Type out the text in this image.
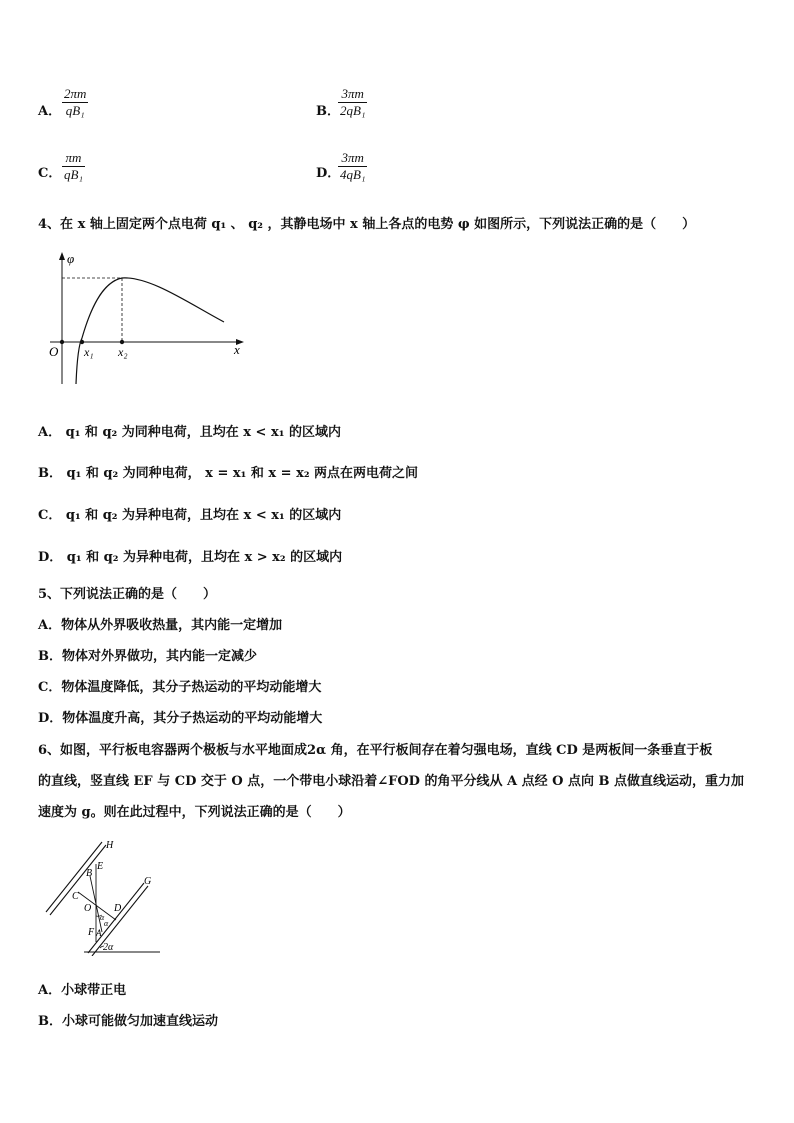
A． $\frac{2\pi m}{\text{qB₁}}$	B．
$\frac{3\pi m}{\text{2qB₁}}$
C． $\frac{\pi m}{\text{qB₁}}$	D．
$\frac{3\pi m}{\text{4qB₁}}$
4、在 x 轴上固定两个点电荷 q₁ 、 q₂ ，其静电场中 x 轴上各点的电势 φ 如图所示，下列说法正确的是（　　）
φ
x
O x₁ x₂
A． q₁ 和 q₂ 为同种电荷，且均在 x < x₁ 的区域内
B． q₁ 和 q₂ 为同种电荷， x = x₁ 和 x = x₂ 两点在两电荷之间
C． q₁ 和 q₂ 为异种电荷，且均在 x < x₁ 的区域内
D． q₁ 和 q₂ 为异种电荷，且均在 x > x₂ 的区域内
5、下列说法正确的是（　　）
A．物体从外界吸收热量，其内能一定增加
B．物体对外界做功，其内能一定减少
C．物体温度降低，其分子热运动的平均动能增大
D．物体温度升高，其分子热运动的平均动能增大
6、如图，平行板电容器两个极板与水平地面成2α 角，在平行板间存在着匀强电场，直线 CD 是两板间一条垂直于板
的直线，竖直线 EF 与 CD 交于 O 点，一个带电小球沿着∠FOD 的角平分线从 A 点经 O 点向 B 点做直线运动，重力加
速度为 g。则在此过程中，下列说法正确的是（　　）
H
G
E
B
C
O D
α
α
F A
2α
A．小球带正电
B．小球可能做匀加速直线运动
